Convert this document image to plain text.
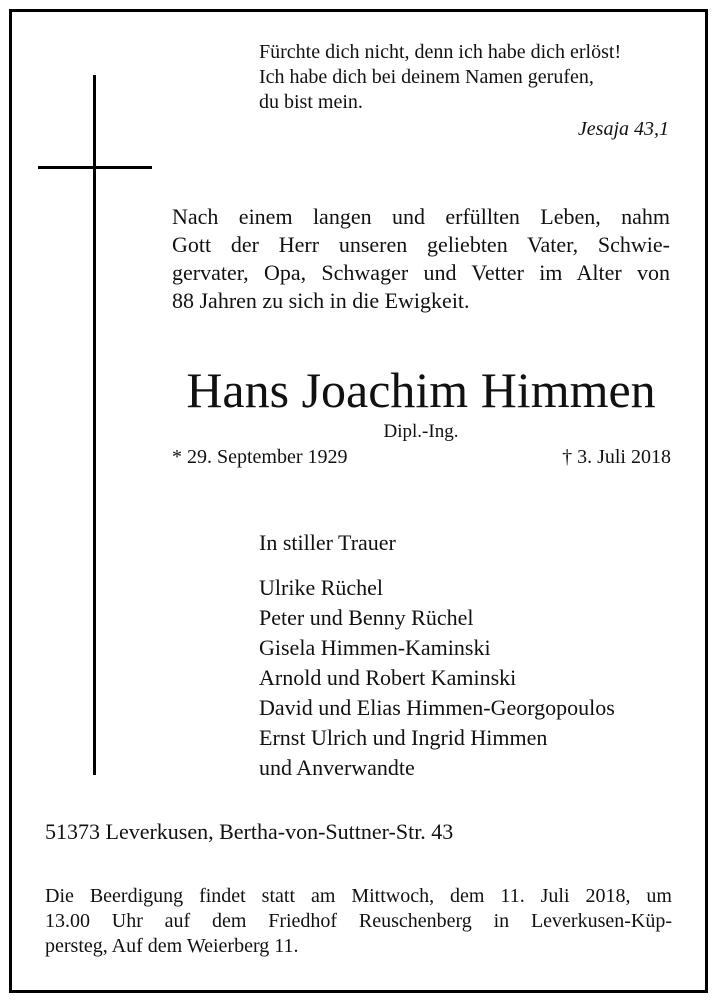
Fürchte dich nicht, denn ich habe dich erlöst!
Ich habe dich bei deinem Namen gerufen,
du bist mein.
Jesaja 43,1
Nach einem langen und erfüllten Leben, nahm
Gott der Herr unseren geliebten Vater, Schwie-
gervater, Opa, Schwager und Vetter im Alter von
88 Jahren zu sich in die Ewigkeit.
Hans Joachim Himmen
Dipl.-Ing.
* 29. September 1929	† 3. Juli 2018
In stiller Trauer
Ulrike Rüchel
Peter und Benny Rüchel
Gisela Himmen-Kaminski
Arnold und Robert Kaminski
David und Elias Himmen-Georgopoulos
Ernst Ulrich und Ingrid Himmen
und Anverwandte
51373 Leverkusen, Bertha-von-Suttner-Str. 43
Die Beerdigung findet statt am Mittwoch, dem 11. Juli 2018, um
13.00 Uhr auf dem Friedhof Reuschenberg in Leverkusen-Küp-
persteg, Auf dem Weierberg 11.
